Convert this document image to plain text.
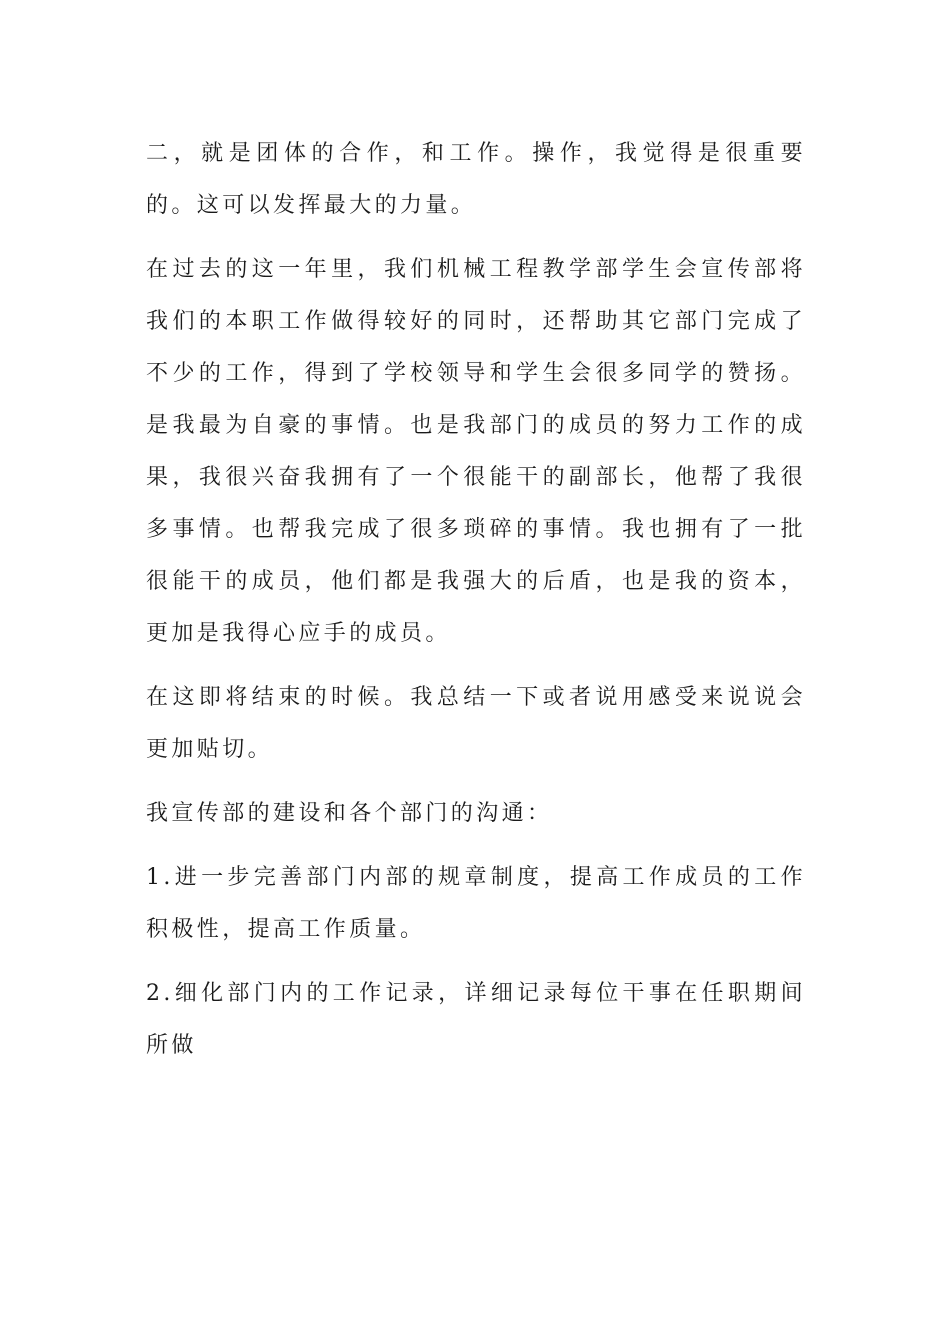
二，就是团体的合作，和工作。操作，我觉得是很重要的。这可以发挥最大的力量。

在过去的这一年里，我们机械工程教学部学生会宣传部将我们的本职工作做得较好的同时，还帮助其它部门完成了不少的工作，得到了学校领导和学生会很多同学的赞扬。是我最为自豪的事情。也是我部门的成员的努力工作的成果，我很兴奋我拥有了一个很能干的副部长，他帮了我很多事情。也帮我完成了很多琐碎的事情。我也拥有了一批很能干的成员，他们都是我强大的后盾，也是我的资本，更加是我得心应手的成员。

在这即将结束的时候。我总结一下或者说用感受来说说会更加贴切。

我宣传部的建设和各个部门的沟通：

1.进一步完善部门内部的规章制度，提高工作成员的工作积极性，提高工作质量。

2.细化部门内的工作记录，详细记录每位干事在任职期间所做
